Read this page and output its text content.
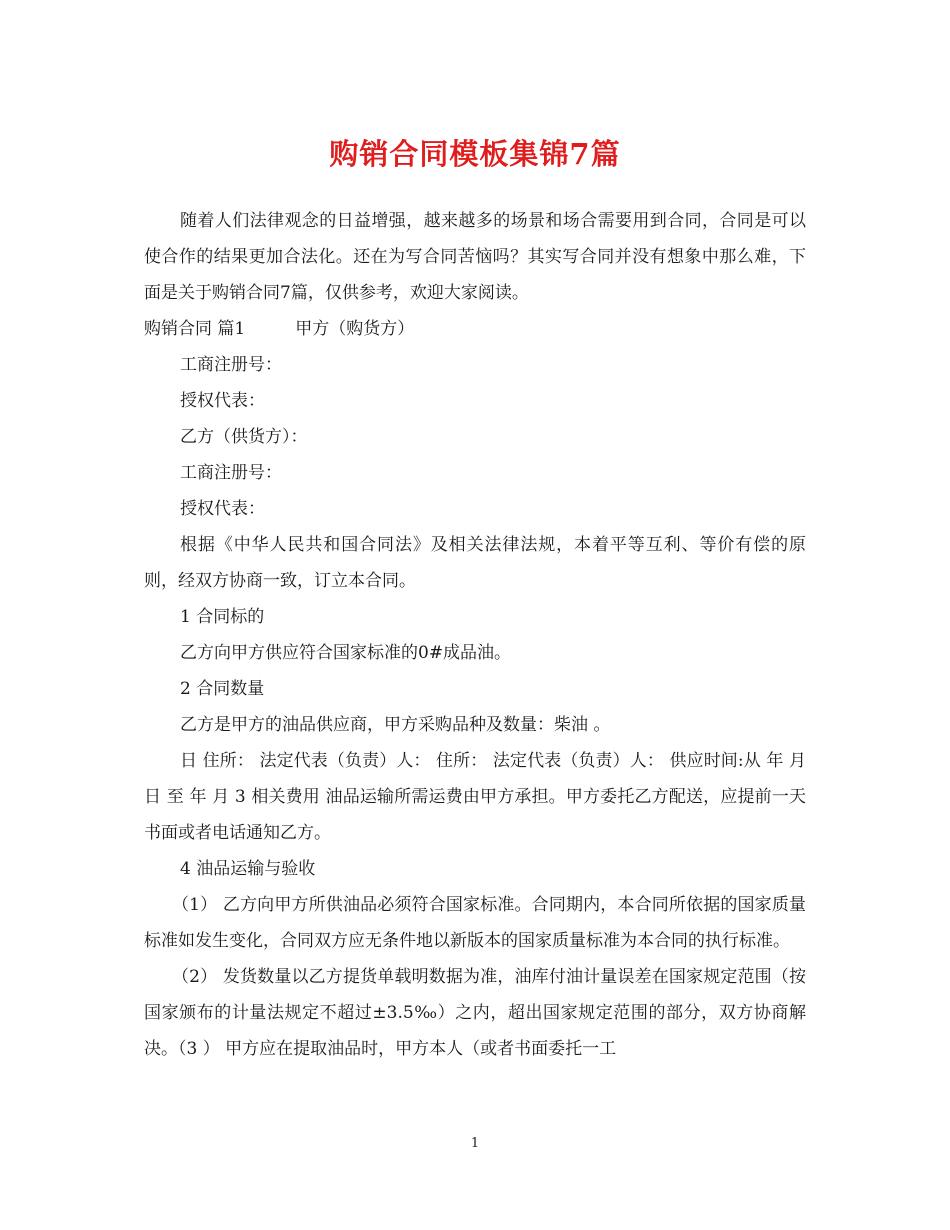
购销合同模板集锦7篇

随着人们法律观念的日益增强，越来越多的场景和场合需要用到合同，合同是可以使合作的结果更加合法化。还在为写合同苦恼吗？其实写合同并没有想象中那么难，下面是关于购销合同7篇，仅供参考，欢迎大家阅读。

购销合同 篇1	甲方（购货方）

工商注册号：

授权代表：

乙方（供货方）：

工商注册号：

授权代表：

根据《中华人民共和国合同法》及相关法律法规，本着平等互利、等价有偿的原则，经双方协商一致，订立本合同。

1 合同标的

乙方向甲方供应符合国家标准的0#成品油。

2 合同数量

乙方是甲方的油品供应商，甲方采购品种及数量：柴油 。

日 住所： 法定代表（负责）人： 住所： 法定代表（负责）人： 供应时间:从 年 月 日 至 年 月 3 相关费用 油品运输所需运费由甲方承担。甲方委托乙方配送，应提前一天书面或者电话通知乙方。

4 油品运输与验收

（1） 乙方向甲方所供油品必须符合国家标准。合同期内，本合同所依据的国家质量标准如发生变化，合同双方应无条件地以新版本的国家质量标准为本合同的执行标准。

（2） 发货数量以乙方提货单载明数据为准，油库付油计量误差在国家规定范围（按国家颁布的计量法规定不超过±3.5‰）之内，超出国家规定范围的部分，双方协商解决。（3 ） 甲方应在提取油品时，甲方本人（或者书面委托一工

1
